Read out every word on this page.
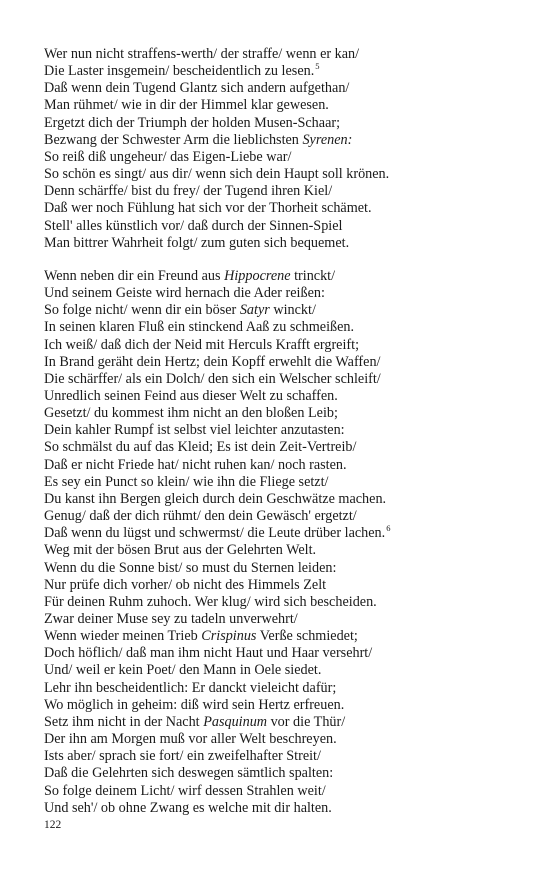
Wer nun nicht straffens-werth/ der straffe/ wenn er kan/
Die Laster insgemein/ bescheidentlich zu lesen.$^5$
Daß wenn dein Tugend Glantz sich andern aufgethan/
Man rühmet/ wie in dir der Himmel klar gewesen.
Ergetzt dich der Triumph der holden Musen-Schaar;
Bezwang der Schwester Arm die lieblichsten Syrenen:
So reiß diß ungeheur/ das Eigen-Liebe war/
So schön es singt/ aus dir/ wenn sich dein Haupt soll krönen.
Denn schärffe/ bist du frey/ der Tugend ihren Kiel/
Daß wer noch Fühlung hat sich vor der Thorheit schämet.
Stell' alles künstlich vor/ daß durch der Sinnen-Spiel
Man bittrer Wahrheit folgt/ zum guten sich bequemet.
Wenn neben dir ein Freund aus Hippocrene trinckt/
Und seinem Geiste wird hernach die Ader reißen:
So folge nicht/ wenn dir ein böser Satyr winckt/
In seinen klaren Fluß ein stinckend Aaß zu schmeißen.
Ich weiß/ daß dich der Neid mit Herculs Krafft ergreift;
In Brand geräht dein Hertz; dein Kopff erwehlt die Waffen/
Die schärffer/ als ein Dolch/ den sich ein Welscher schleift/
Unredlich seinen Feind aus dieser Welt zu schaffen.
Gesetzt/ du kommest ihm nicht an den bloßen Leib;
Dein kahler Rumpf ist selbst viel leichter anzutasten:
So schmälst du auf das Kleid; Es ist dein Zeit-Vertreib/
Daß er nicht Friede hat/ nicht ruhen kan/ noch rasten.
Es sey ein Punct so klein/ wie ihn die Fliege setzt/
Du kanst ihn Bergen gleich durch dein Geschwätze machen.
Genug/ daß der dich rühmt/ den dein Gewäsch' ergetzt/
Daß wenn du lügst und schwermst/ die Leute drüber lachen.$^6$
Weg mit der bösen Brut aus der Gelehrten Welt.
Wenn du die Sonne bist/ so must du Sternen leiden:
Nur prüfe dich vorher/ ob nicht des Himmels Zelt
Für deinen Ruhm zuhoch. Wer klug/ wird sich bescheiden.
Zwar deiner Muse sey zu tadeln unverwehrt/
Wenn wieder meinen Trieb Crispinus Verße schmiedet;
Doch höflich/ daß man ihm nicht Haut und Haar versehrt/
Und/ weil er kein Poet/ den Mann in Oele siedet.
Lehr ihn bescheidentlich: Er danckt vieleicht dafür;
Wo möglich in geheim: diß wird sein Hertz erfreuen.
Setz ihm nicht in der Nacht Pasquinum vor die Thür/
Der ihn am Morgen muß vor aller Welt beschreyen.
Ists aber/ sprach sie fort/ ein zweifelhafter Streit/
Daß die Gelehrten sich deswegen sämtlich spalten:
So folge deinem Licht/ wirf dessen Strahlen weit/
Und seh'/ ob ohne Zwang es welche mit dir halten.
122
